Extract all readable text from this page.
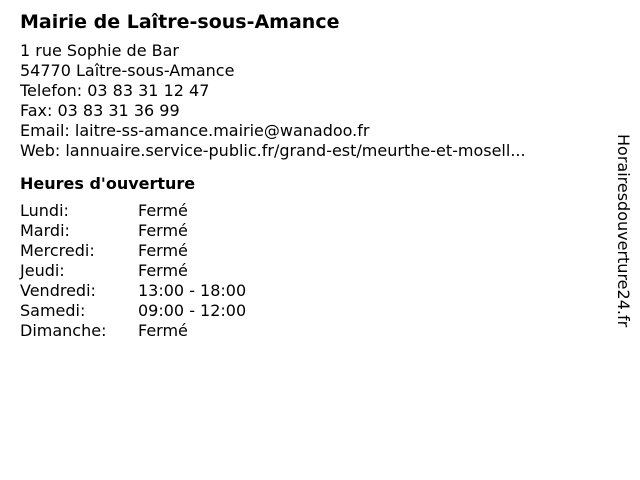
Mairie de Laître-sous-Amance
1 rue Sophie de Bar
54770 Laître-sous-Amance
Telefon: 03 83 31 12 47
Fax: 03 83 31 36 99
Email: laitre-ss-amance.mairie@wanadoo.fr
Web: lannuaire.service-public.fr/grand-est/meurthe-et-mosell...
Heures d'ouverture
Lundi:	Fermé
Mardi:	Fermé
Mercredi:	Fermé
Jeudi:	Fermé
Vendredi:	13:00 - 18:00
Samedi:	09:00 - 12:00
Dimanche:	Fermé
Horairesdouverture24.fr
